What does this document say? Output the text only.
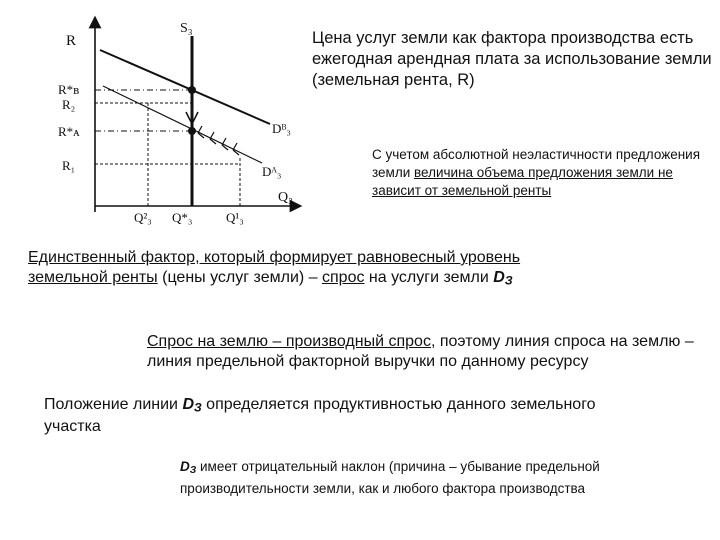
R
S₃
Dᴮ₃
Dᴬ₃
Q₃
R*ʙ
R₂
R*ᴀ
R₁
Q²₃ Q*₃	Q¹₃
Цена услуг земли как фактора производства есть ежегодная арендная плата за использование земли (земельная рента, R)
С учетом абсолютной неэластичности предложения земли величина объема предложения земли не зависит от земельной ренты
Единственный фактор, который формирует равновесный уровень земельной ренты (цены услуг земли) – спрос на услуги земли $D_З$
Спрос на землю – производный спрос, поэтому линия спроса на землю – линия предельной факторной выручки по данному ресурсу
Положение линии $D_З$ определяется продуктивностью данного земельного участка
$D_З$ имеет отрицательный наклон (причина – убывание предельной производительности земли, как и любого фактора производства
